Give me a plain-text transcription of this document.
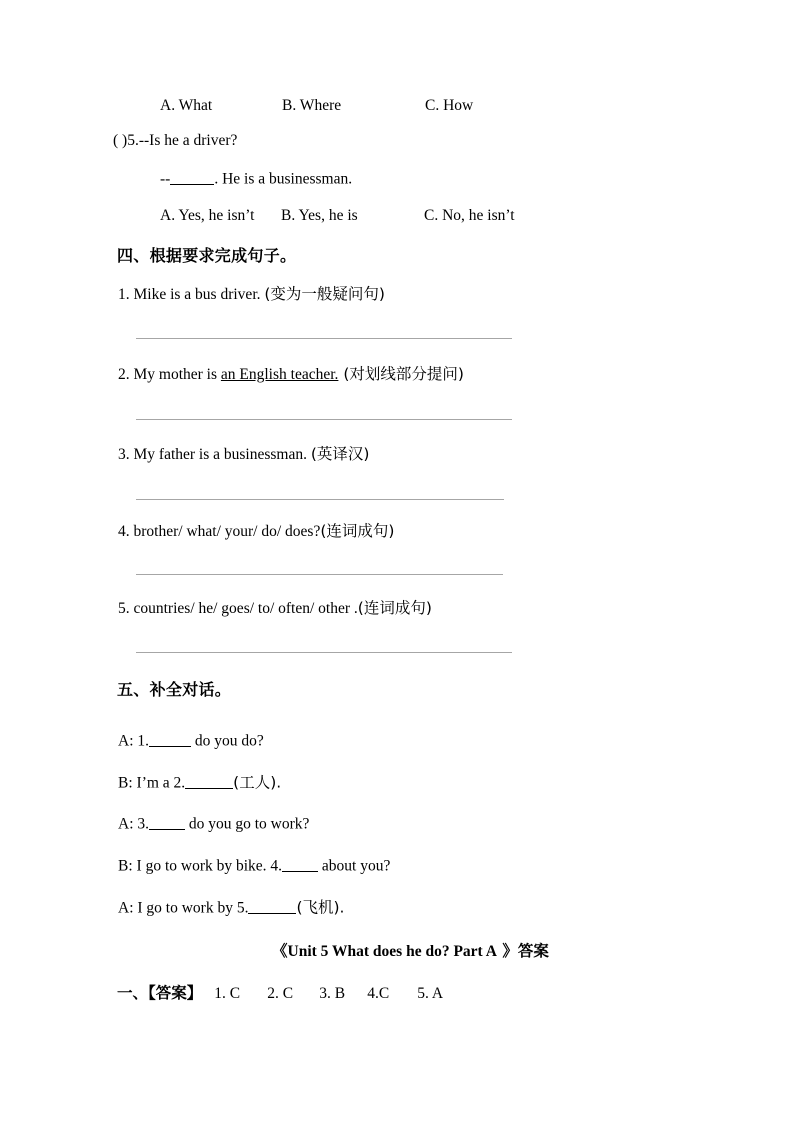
A. What	B. Where	C. How
( )5.--Is he a driver?
--	. He is a businessman.
A. Yes, he isn’t	B. Yes, he is	C. No, he isn’t
四、根据要求完成句子。
1. Mike is a bus driver. (变为一般疑问句)
2. My mother is an English teacher. (对划线部分提问)
3. My father is a businessman. (英译汉)
4. brother/ what/ your/ do/ does?(连词成句)
5. countries/ he/ goes/ to/ often/ other .(连词成句)
五、补全对话。
A: 1.	do you do?
B: I’m a 2.	(工人).
A: 3. do you go to work?
B: I go to work by bike. 4. about you?
A: I go to work by 5.	(飞机).
《Unit 5 What does he do? Part A 》答案
一、【答案】 1. C 2. C 3. B 4.C 5. A
